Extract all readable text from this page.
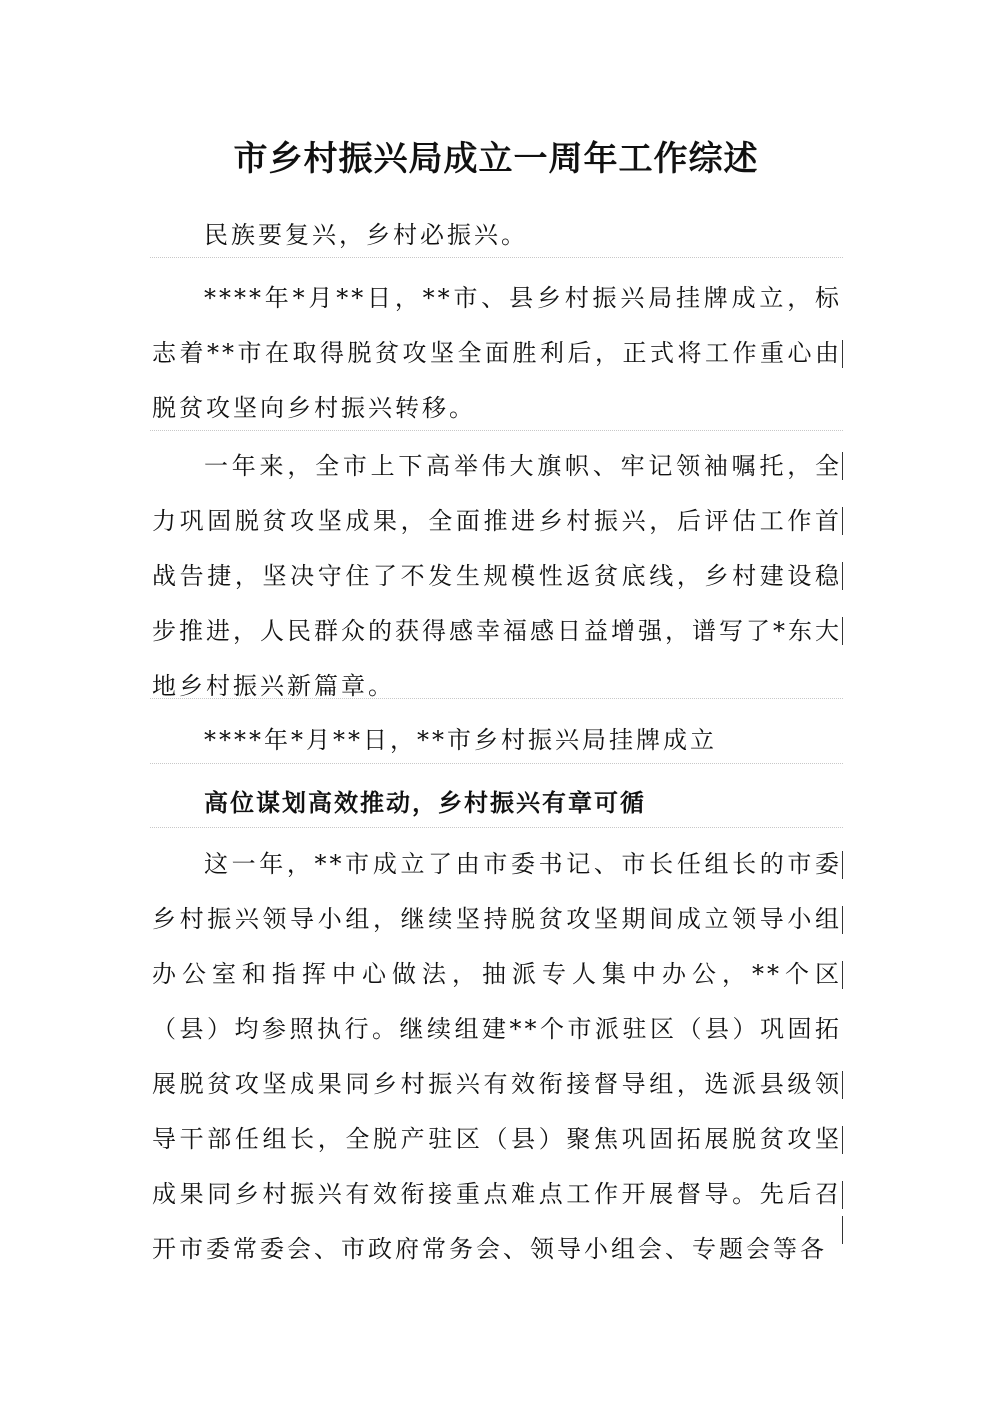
市乡村振兴局成立一周年工作综述

民族要复兴，乡村必振兴。

****年*月**日，**市、县乡村振兴局挂牌成立，标志着**市在取得脱贫攻坚全面胜利后，正式将工作重心由脱贫攻坚向乡村振兴转移。

一年来，全市上下高举伟大旗帜、牢记领袖嘱托，全力巩固脱贫攻坚成果，全面推进乡村振兴，后评估工作首战告捷，坚决守住了不发生规模性返贫底线，乡村建设稳步推进，人民群众的获得感幸福感日益增强，谱写了*东大地乡村振兴新篇章。

****年*月**日，**市乡村振兴局挂牌成立

高位谋划高效推动，乡村振兴有章可循

这一年，**市成立了由市委书记、市长任组长的市委乡村振兴领导小组，继续坚持脱贫攻坚期间成立领导小组办公室和指挥中心做法，抽派专人集中办公，**个区（县）均参照执行。继续组建**个市派驻区（县）巩固拓展脱贫攻坚成果同乡村振兴有效衔接督导组，选派县级领导干部任组长，全脱产驻区（县）聚焦巩固拓展脱贫攻坚成果同乡村振兴有效衔接重点难点工作开展督导。先后召开市委常委会、市政府常务会、领导小组会、专题会等各
